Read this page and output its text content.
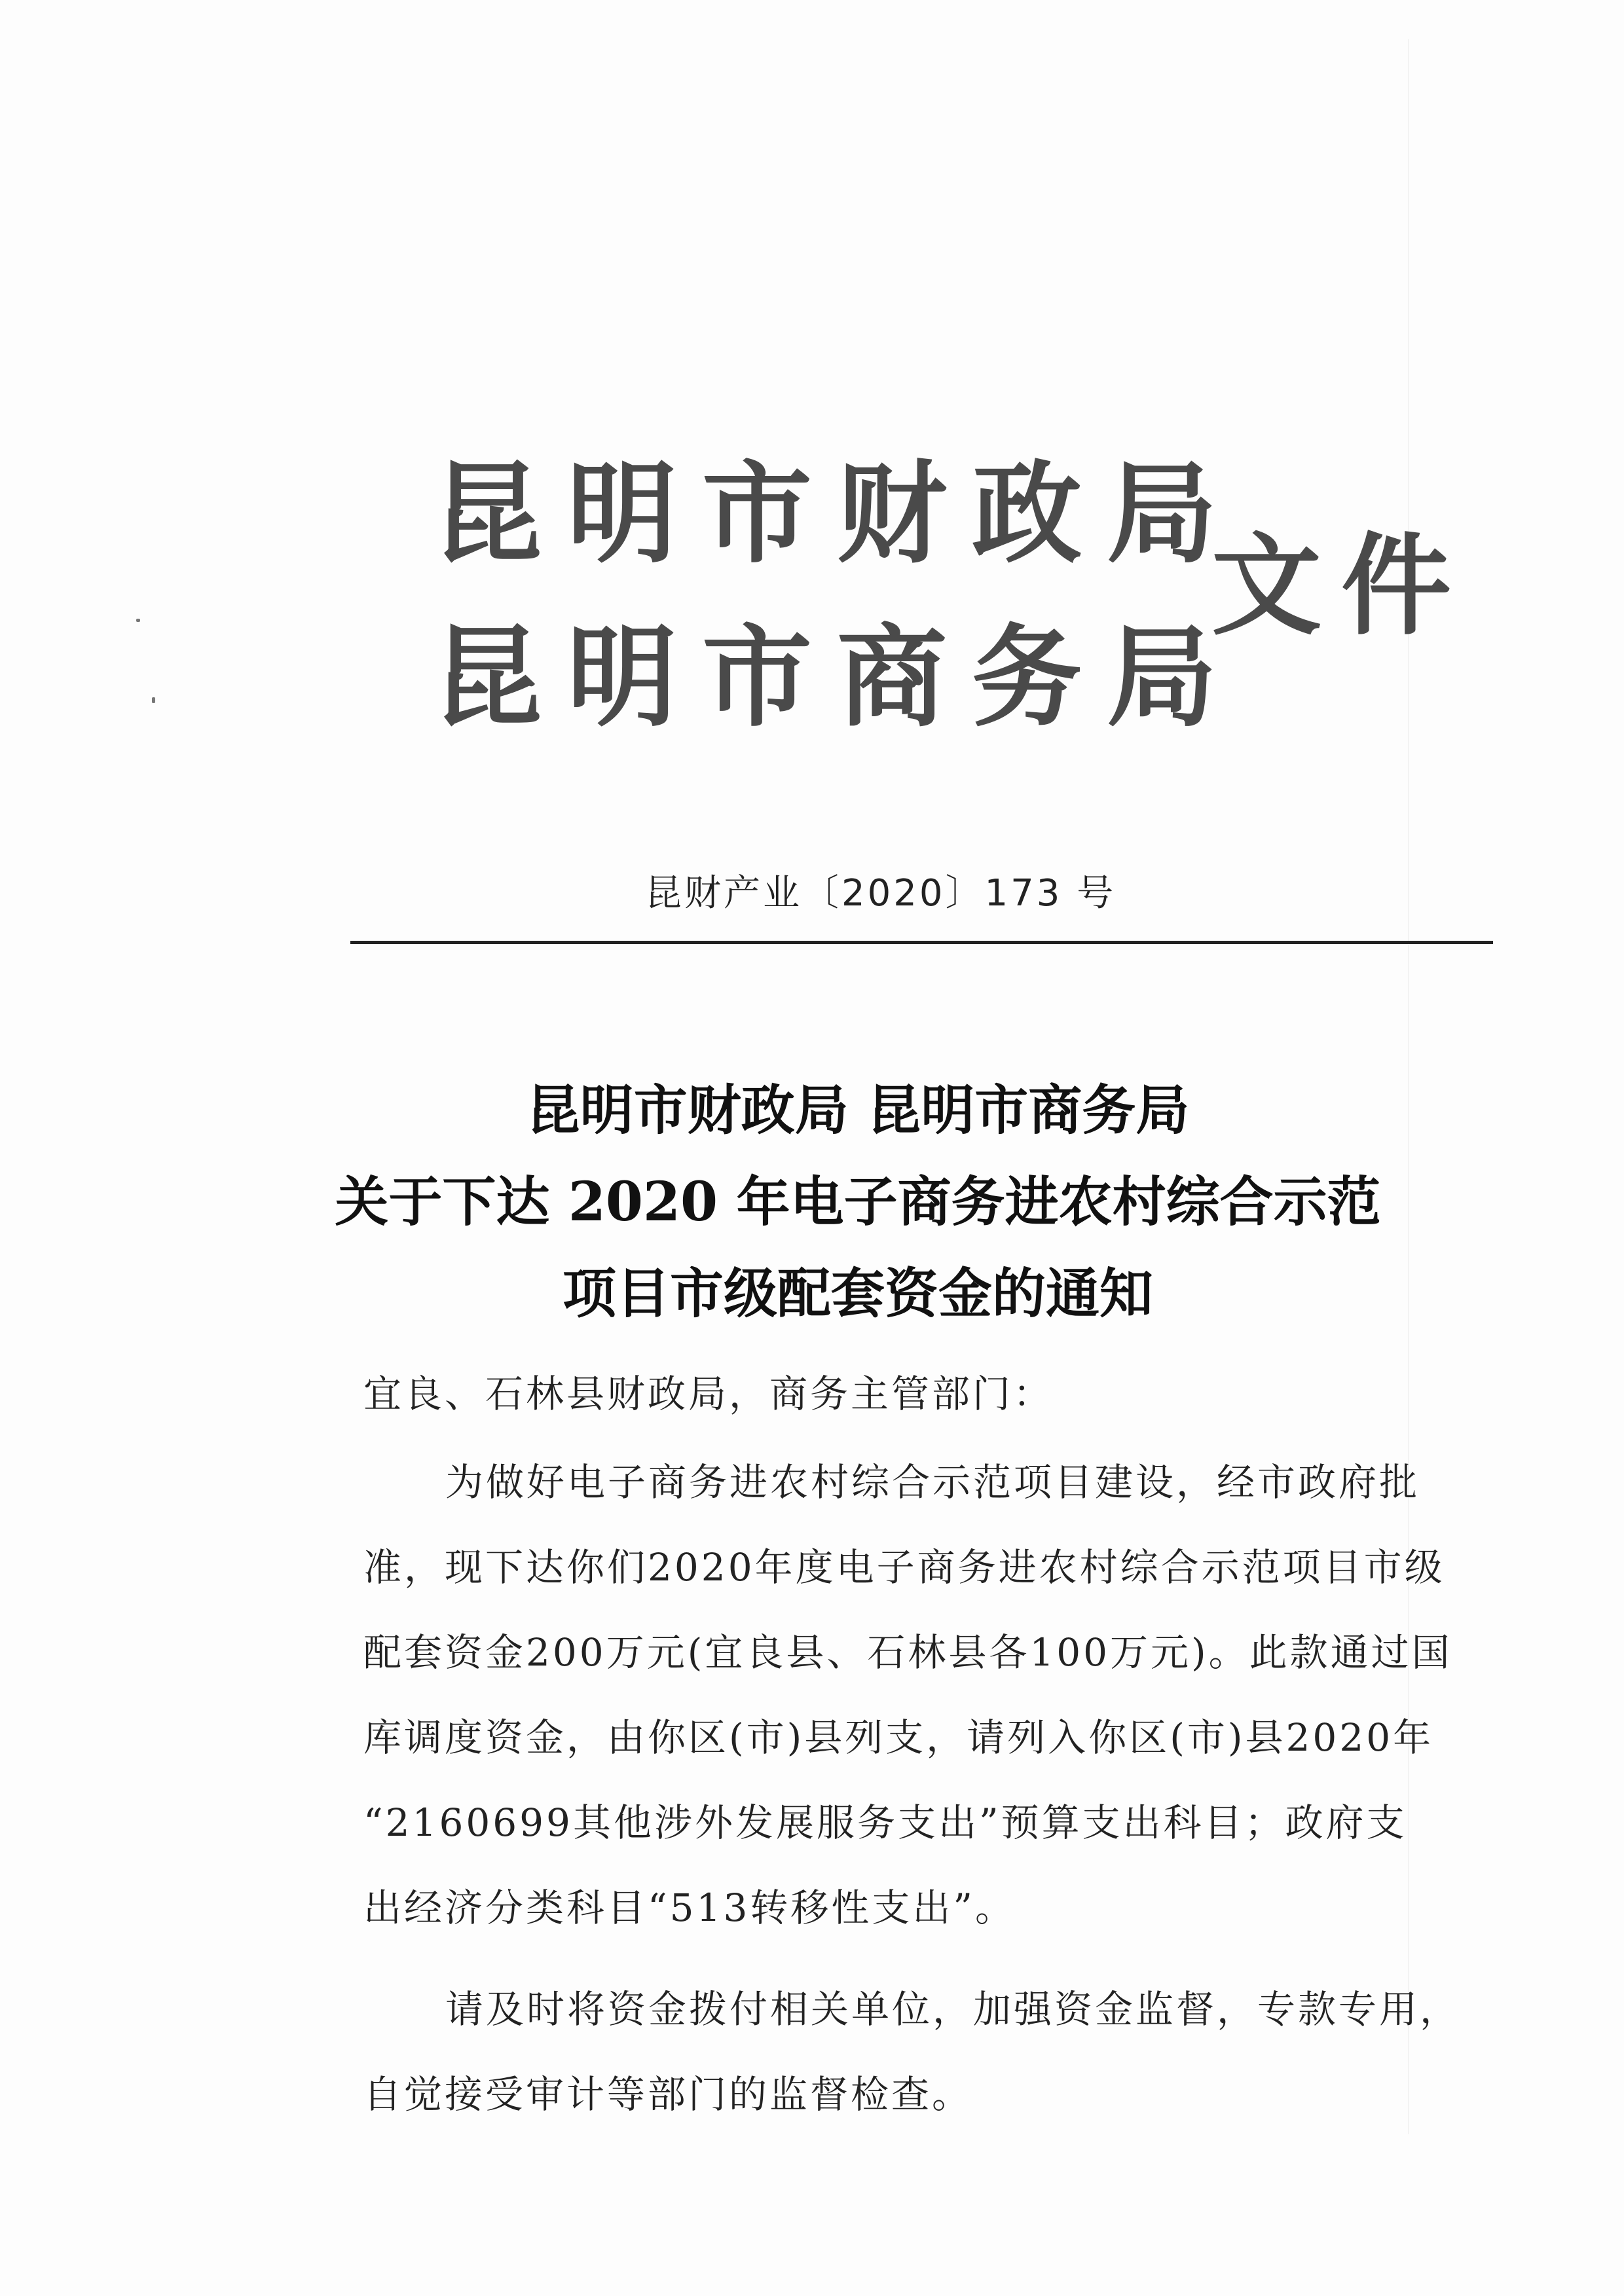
昆明市财政局
昆明市商务局
文件
昆财产业〔2020〕173 号
昆明市财政局 昆明市商务局
关于下达 2020 年电子商务进农村综合示范
项目市级配套资金的通知
宜良、石林县财政局，商务主管部门：
为做好电子商务进农村综合示范项目建设，经市政府批
准，现下达你们2020年度电子商务进农村综合示范项目市级
配套资金200万元(宜良县、石林县各100万元)。此款通过国
库调度资金，由你区(市)县列支，请列入你区(市)县2020年
“2160699其他涉外发展服务支出”预算支出科目；政府支
出经济分类科目“513转移性支出”。
请及时将资金拨付相关单位，加强资金监督，专款专用，
自觉接受审计等部门的监督检查。
